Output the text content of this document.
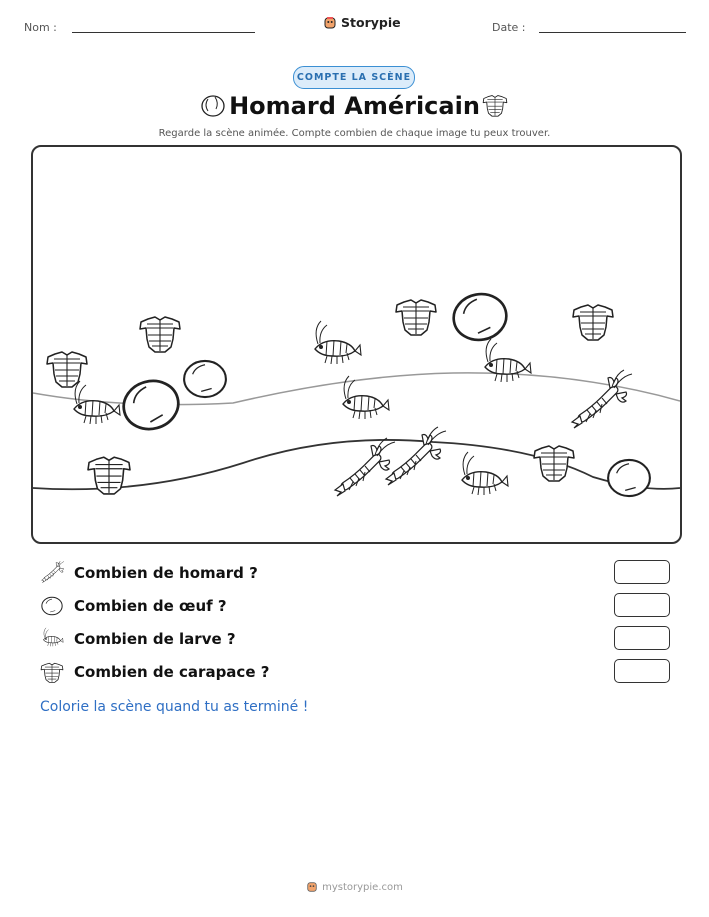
Nom :	Storypie	Date :
COMPTE LA SCÈNE
Homard Américain
Regarde la scène animée. Compte combien de chaque image tu peux trouver.
Combien de homard ?
Combien de œuf ?
Combien de larve ?
Combien de carapace ?
Colorie la scène quand tu as terminé !
mystorypie.com
